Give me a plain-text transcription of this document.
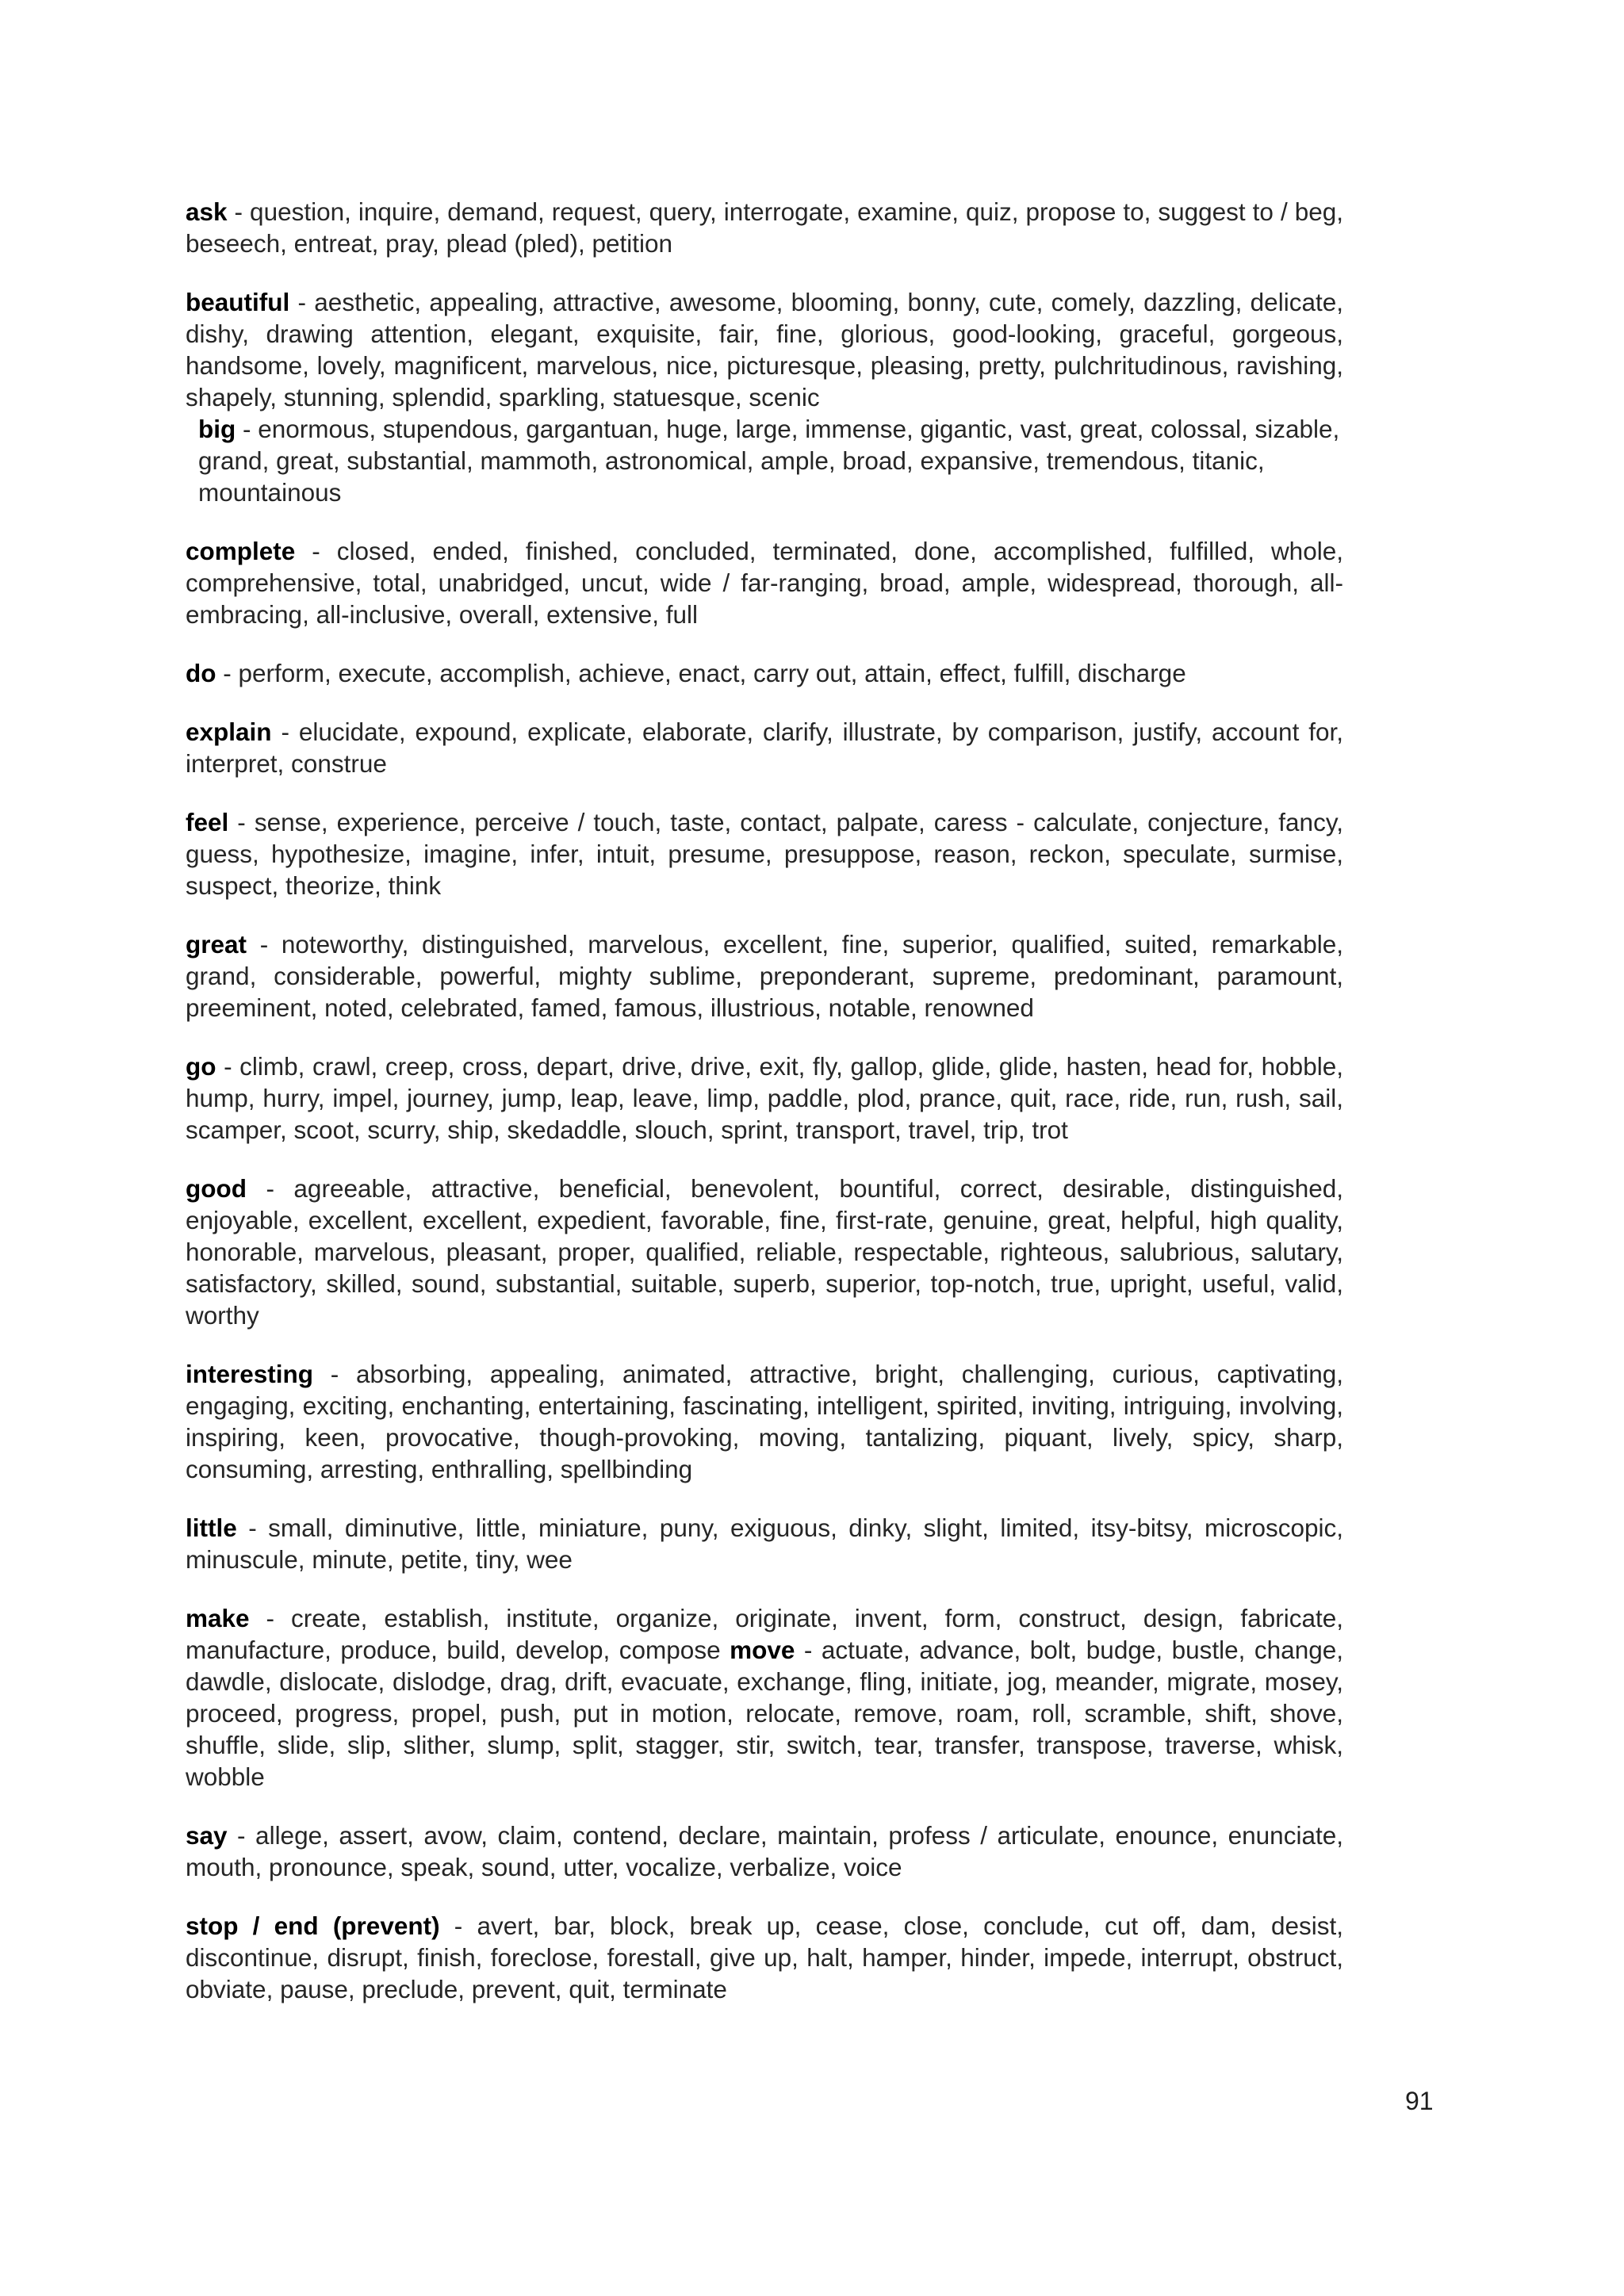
ask - question, inquire, demand, request, query, interrogate, examine, quiz, propose to, suggest to / beg, beseech, entreat, pray, plead (pled), petition

beautiful - aesthetic, appealing, attractive, awesome, blooming, bonny, cute, comely, dazzling, delicate, dishy, drawing attention, elegant, exquisite, fair, fine, glorious, good-looking, graceful, gorgeous, handsome, lovely, magnificent, marvelous, nice, picturesque, pleasing, pretty, pulchritudinous, ravishing, shapely, stunning, splendid, sparkling, statuesque, scenic

big - enormous, stupendous, gargantuan, huge, large, immense, gigantic, vast, great, colossal, sizable, grand, great, substantial, mammoth, astronomical, ample, broad, expansive, tremendous, titanic, mountainous

complete - closed, ended, finished, concluded, terminated, done, accomplished, fulfilled, whole, comprehensive, total, unabridged, uncut, wide / far-ranging, broad, ample, widespread, thorough, all-embracing, all-inclusive, overall, extensive, full

do - perform, execute, accomplish, achieve, enact, carry out, attain, effect, fulfill, discharge

explain - elucidate, expound, explicate, elaborate, clarify, illustrate, by comparison, justify, account for, interpret, construe

feel - sense, experience, perceive / touch, taste, contact, palpate, caress - calculate, conjecture, fancy, guess, hypothesize, imagine, infer, intuit, presume, presuppose, reason, reckon, speculate, surmise, suspect, theorize, think

great - noteworthy, distinguished, marvelous, excellent, fine, superior, qualified, suited, remarkable, grand, considerable, powerful, mighty sublime, preponderant, supreme, predominant, paramount, preeminent, noted, celebrated, famed, famous, illustrious, notable, renowned

go - climb, crawl, creep, cross, depart, drive, drive, exit, fly, gallop, glide, glide, hasten, head for, hobble, hump, hurry, impel, journey, jump, leap, leave, limp, paddle, plod, prance, quit, race, ride, run, rush, sail, scamper, scoot, scurry, ship, skedaddle, slouch, sprint, transport, travel, trip, trot

good - agreeable, attractive, beneficial, benevolent, bountiful, correct, desirable, distinguished, enjoyable, excellent, excellent, expedient, favorable, fine, first-rate, genuine, great, helpful, high quality, honorable, marvelous, pleasant, proper, qualified, reliable, respectable, righteous, salubrious, salutary, satisfactory, skilled, sound, substantial, suitable, superb, superior, top-notch, true, upright, useful, valid, worthy

interesting - absorbing, appealing, animated, attractive, bright, challenging, curious, captivating, engaging, exciting, enchanting, entertaining, fascinating, intelligent, spirited, inviting, intriguing, involving, inspiring, keen, provocative, though-provoking, moving, tantalizing, piquant, lively, spicy, sharp, consuming, arresting, enthralling, spellbinding

little - small, diminutive, little, miniature, puny, exiguous, dinky, slight, limited, itsy-bitsy, microscopic, minuscule, minute, petite, tiny, wee

make - create, establish, institute, organize, originate, invent, form, construct, design, fabricate, manufacture, produce, build, develop, compose move - actuate, advance, bolt, budge, bustle, change, dawdle, dislocate, dislodge, drag, drift, evacuate, exchange, fling, initiate, jog, meander, migrate, mosey, proceed, progress, propel, push, put in motion, relocate, remove, roam, roll, scramble, shift, shove, shuffle, slide, slip, slither, slump, split, stagger, stir, switch, tear, transfer, transpose, traverse, whisk, wobble

say - allege, assert, avow, claim, contend, declare, maintain, profess / articulate, enounce, enunciate, mouth, pronounce, speak, sound, utter, vocalize, verbalize, voice

stop / end (prevent) - avert, bar, block, break up, cease, close, conclude, cut off, dam, desist, discontinue, disrupt, finish, foreclose, forestall, give up, halt, hamper, hinder, impede, interrupt, obstruct, obviate, pause, preclude, prevent, quit, terminate

91
